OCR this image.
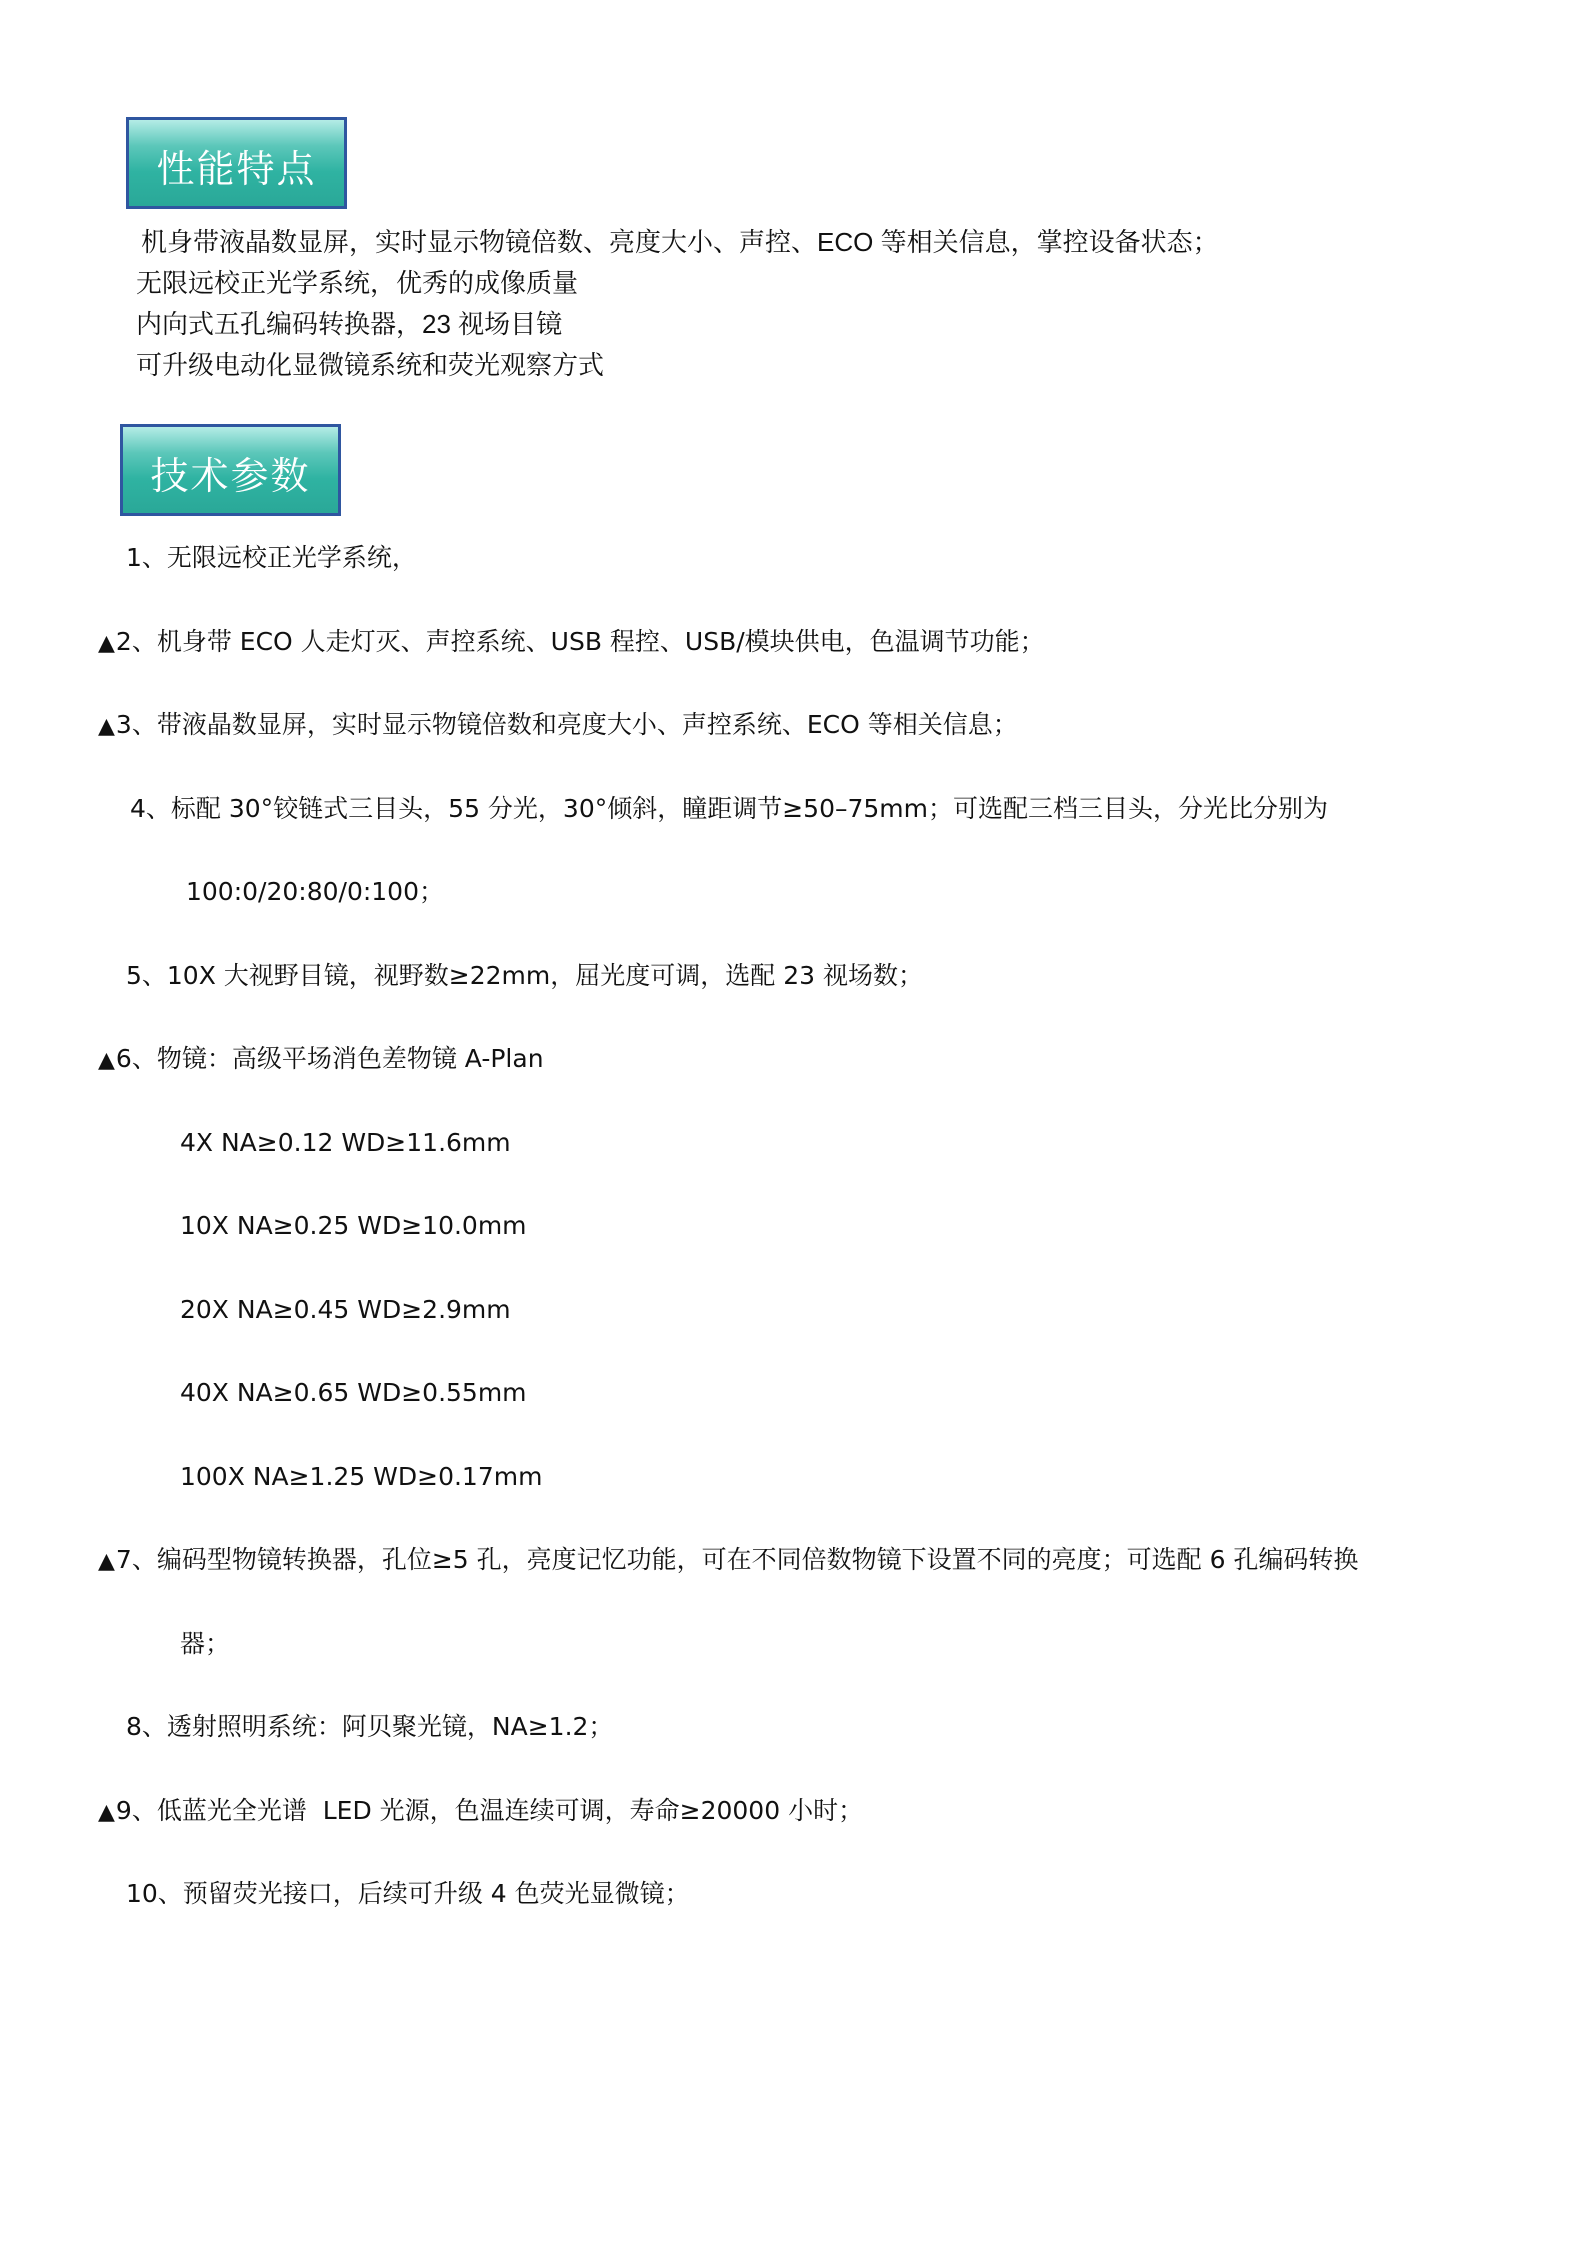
性能特点
机身带液晶数显屏，实时显示物镜倍数、亮度大小、声控、ECO 等相关信息，掌控设备状态；
无限远校正光学系统，优秀的成像质量
内向式五孔编码转换器，23 视场目镜
可升级电动化显微镜系统和荧光观察方式
技术参数
1、无限远校正光学系统，
▲2、机身带 ECO 人走灯灭、声控系统、USB 程控、USB/模块供电，色温调节功能；
▲3、带液晶数显屏，实时显示物镜倍数和亮度大小、声控系统、ECO 等相关信息；
4、标配 30°铰链式三目头，55 分光，30°倾斜，瞳距调节≥50–75mm；可选配三档三目头，分光比分别为
100:0/20:80/0:100；
5、10X 大视野目镜，视野数≥22mm，屈光度可调，选配 23 视场数；
▲6、物镜：高级平场消色差物镜 A-Plan
4X NA≥0.12 WD≥11.6mm
10X NA≥0.25 WD≥10.0mm
20X NA≥0.45 WD≥2.9mm
40X NA≥0.65 WD≥0.55mm
100X NA≥1.25 WD≥0.17mm
▲7、编码型物镜转换器，孔位≥5 孔，亮度记忆功能，可在不同倍数物镜下设置不同的亮度；可选配 6 孔编码转换
器；
8、透射照明系统：阿贝聚光镜，NA≥1.2；
▲9、低蓝光全光谱  LED 光源，色温连续可调，寿命≥20000 小时；
10、预留荧光接口，后续可升级 4 色荧光显微镜；
